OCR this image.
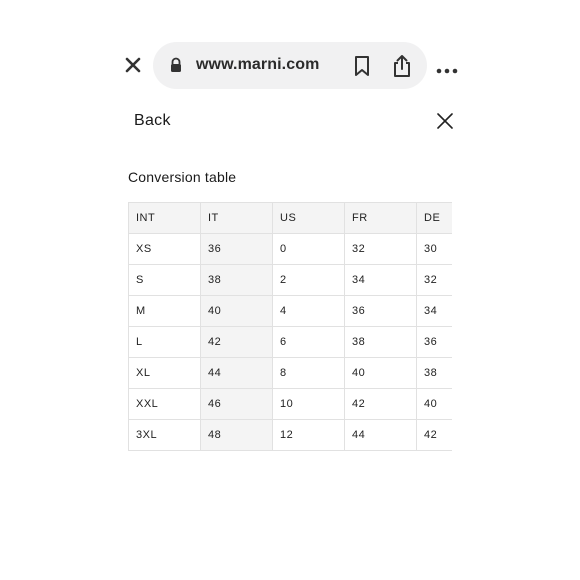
www.marni.com
Back
Conversion table
INT	IT	US	FR	DE
XS	36	0	32	30
S	38	2	34	32
M	40	4	36	34
L	42	6	38	36
XL	44	8	40	38
XXL	46	10	42	40
3XL	48	12	44	42
